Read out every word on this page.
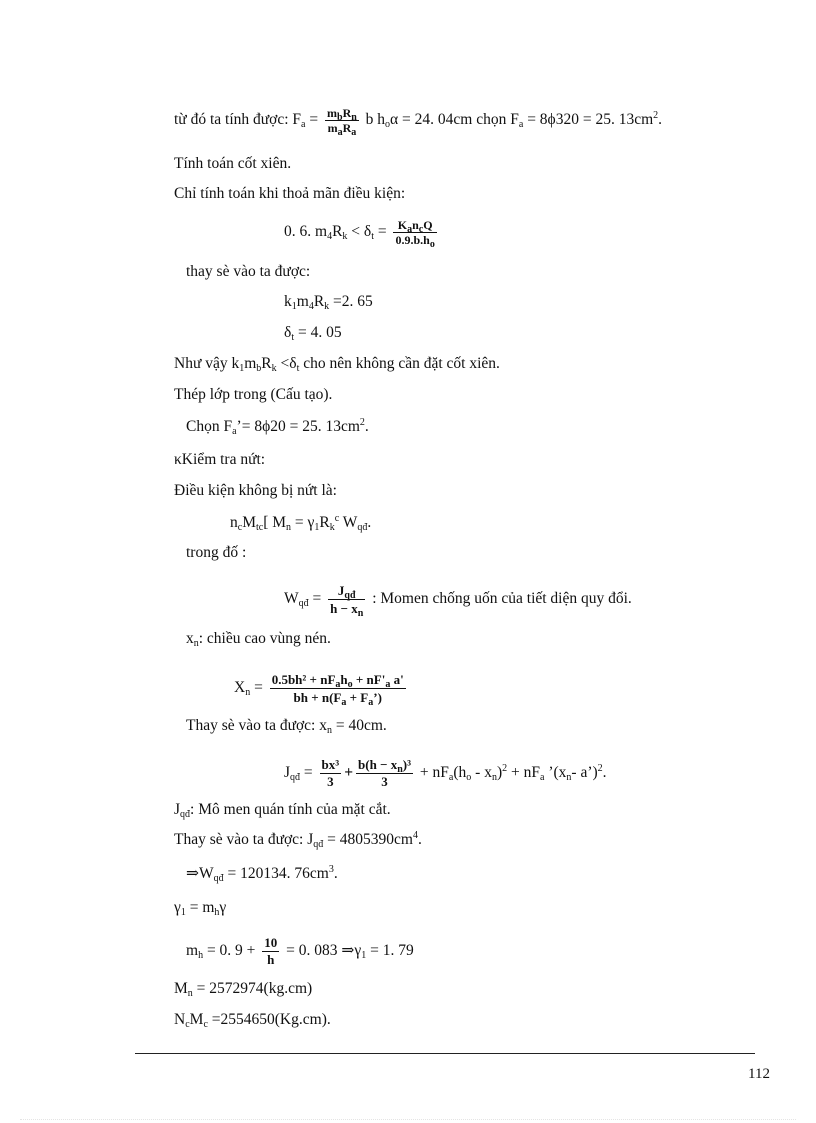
từ đó ta tính được: $F_a = m_bR_n$
$m_aR_a$
b $h_o\alpha = 24$. 04cm chọn $F_a = 8\phi 320 = 25$. $13cm^2$.
Tính toán cốt xiên.
Chỉ tính toán khi thoả mãn điều kiện:
0. 6. $m_4R_k < \delta_t = K_an_cQ$
$0.9.b.h_o$
thay sè vào ta được:
$k_1m_4R_k =2$. 65
$\delta_t = 4$. 05
Như vậy $k_1m_bR_k <\delta_t$ cho nên không cần đặt cốt xiên.
Thép lớp trong (Cấu tạo).
Chọn $F_a’= 8\phi 20 = 25$. $13cm^2$.
κKiểm tra nứt:
Điều kiện không bị nứt là:
$n_cM_{tc}$[ $M_n = \gamma_1R_k^c$ $W_{qđ}$.
trong đố :
$W_{qđ} = J_{qđ}$
$h - x_n$
: Momen chống uốn của tiết diện quy đổi.
$x_n$: chiều cao vùng nén.
$X_n = 0.5bh^2 + nF_ah_o + nF'_a$ a'
bh + $n(F_a$ + $F_a$’)
Thay sè vào ta được: $x_n = 40cm$.
$J_{qđ} = \frac{\text{bx³}}{3} + \frac{b(h - x_n)^3}{3} + nF_a(h_o - x_n)^2 + nF_a$ $’(x_n-$ a’)$^2$.
$J_{qđ}$: Mô men quán tính của mặt cắt.
Thay sè vào ta được: $J_{qđ} = 4805390cm^4$.
$\Rightarrow W_{qđ} = 120134$. $76cm^3$.
$\gamma_1 = m_h\gamma$
$m_h = 0$. $9 + \frac{10}{h} = 0$. 083 $\Rightarrow\gamma_1 = 1$. 79
$M_n = 2572974(kg.cm)$
$N_cM_c =2554650(Kg.cm)$.
112
